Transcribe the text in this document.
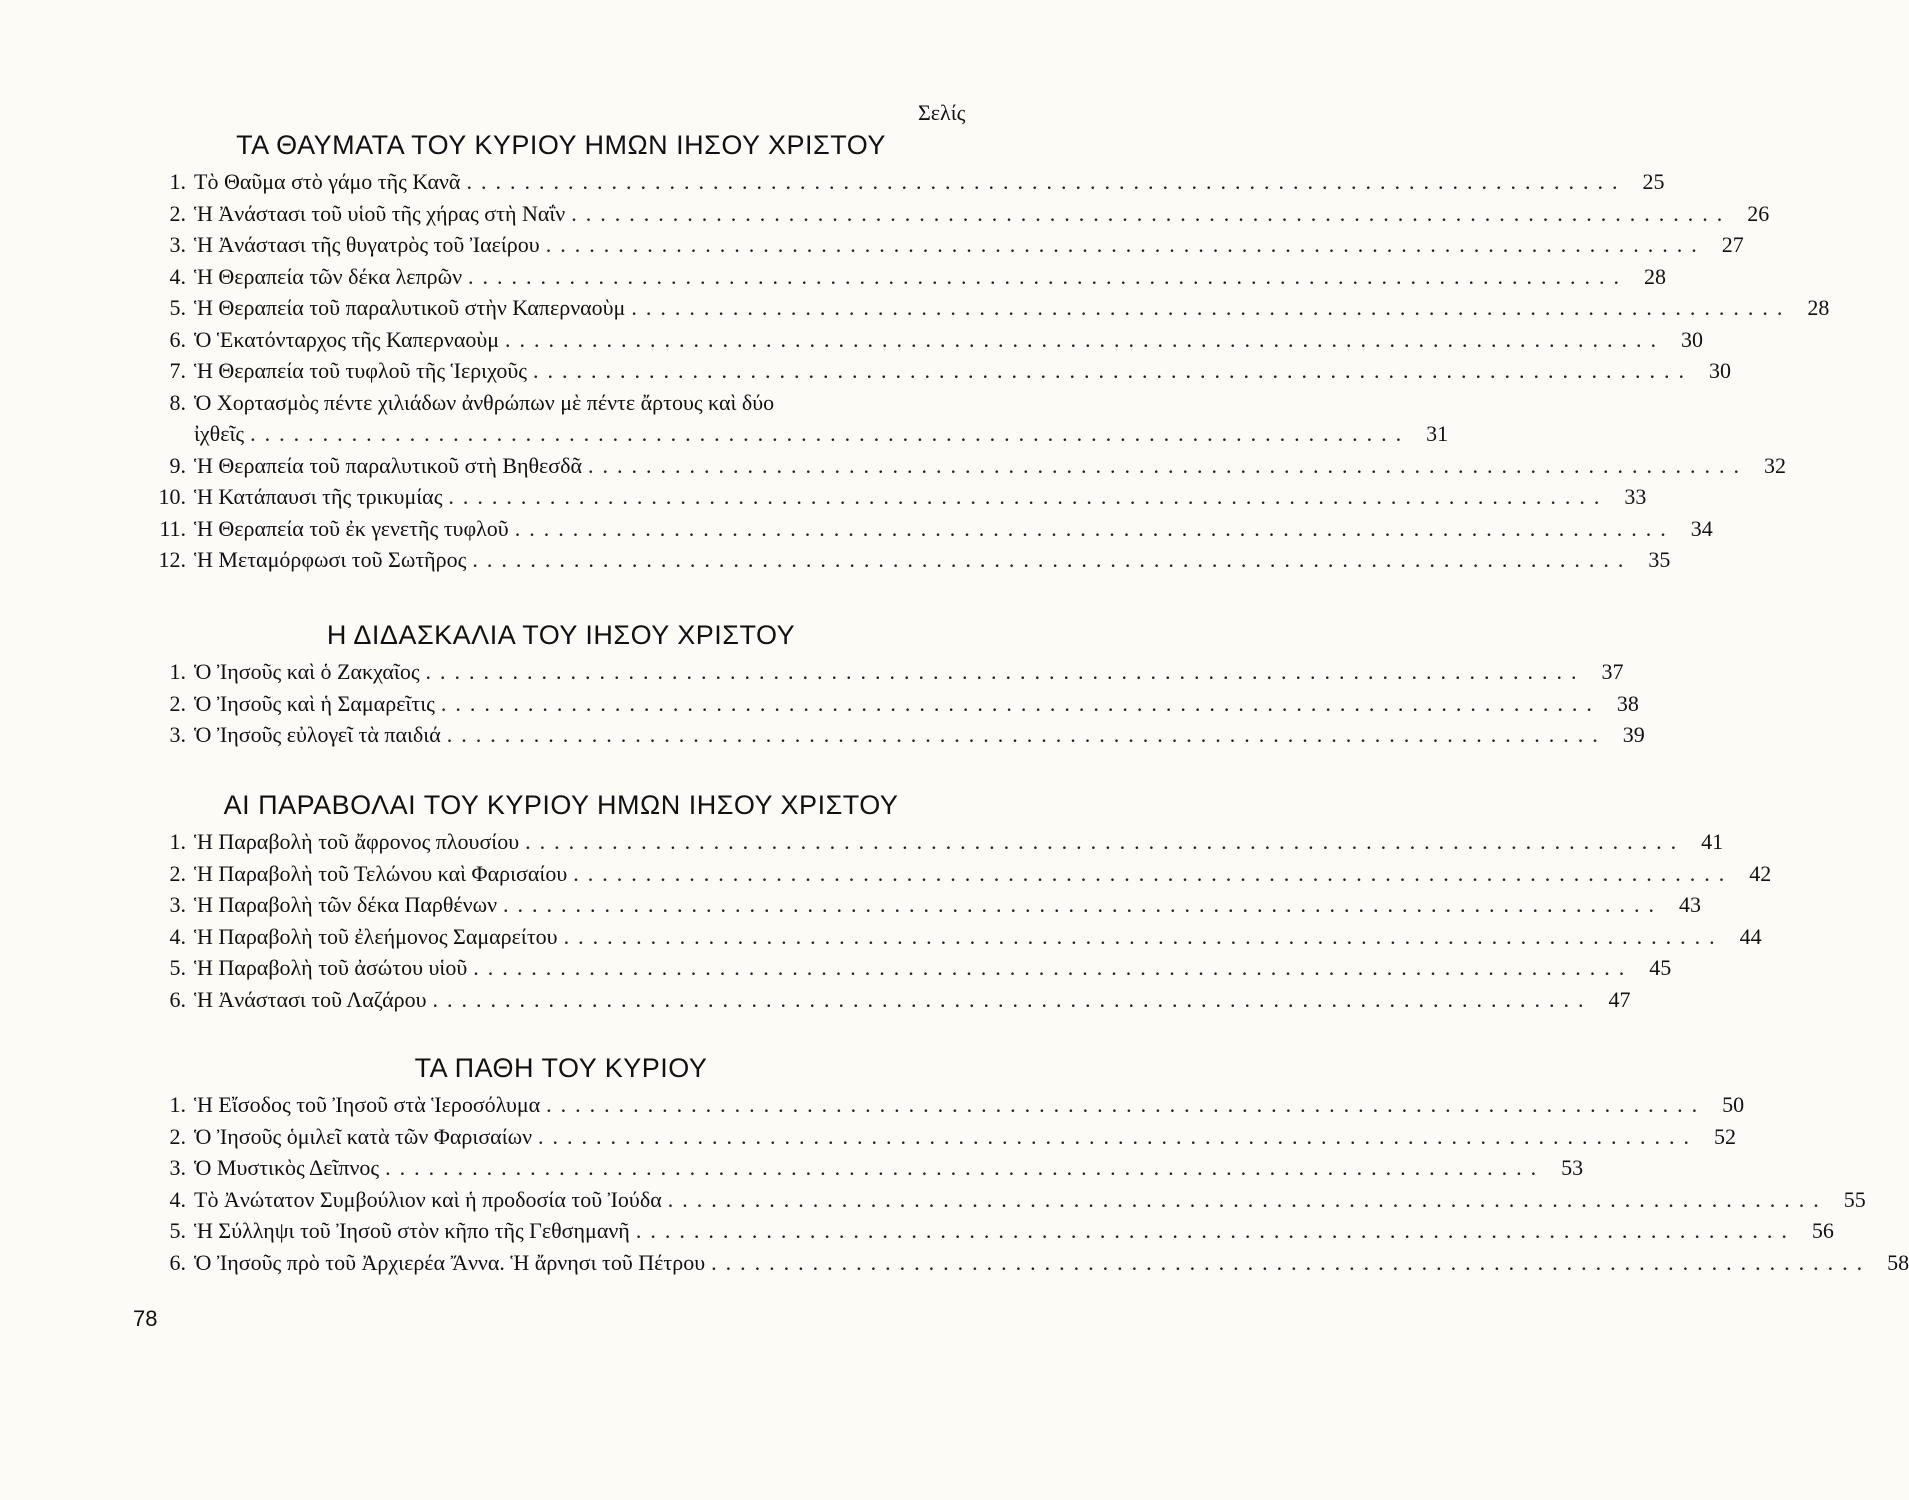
Σελίς
ΤΑ ΘΑΥΜΑΤΑ ΤΟΥ ΚΥΡΙΟΥ ΗΜΩΝ ΙΗΣΟΥ ΧΡΙΣΤΟΥ
1. Τὸ Θαῦμα στὸ γάμο τῆς Κανᾶ ................................................................................ 25
2. Ἡ Ἀνάστασι τοῦ υἱοῦ τῆς χήρας στὴ Ναΐν ................................................................................ 26
3. Ἡ Ἀνάστασι τῆς θυγατρὸς τοῦ Ἰαείρου ................................................................................ 27
4. Ἡ Θεραπεία τῶν δέκα λεπρῶν ................................................................................ 28
5. Ἡ Θεραπεία τοῦ παραλυτικοῦ στὴν Καπερναοὺμ ................................................................................ 28
6. Ὁ Ἑκατόνταρχος τῆς Καπερναοὺμ ................................................................................ 30
7. Ἡ Θεραπεία τοῦ τυφλοῦ τῆς Ἱεριχοῦς ................................................................................ 30
8. Ὁ Χορτασμὸς πέντε χιλιάδων ἀνθρώπων μὲ πέντε ἄρτους καὶ δύο
ἰχθεῖς ................................................................................ 31
9. Ἡ Θεραπεία τοῦ παραλυτικοῦ στὴ Βηθεσδᾶ ................................................................................ 32
10. Ἡ Κατάπαυσι τῆς τρικυμίας ................................................................................ 33
11. Ἡ Θεραπεία τοῦ ἐκ γενετῆς τυφλοῦ ................................................................................ 34
12. Ἡ Μεταμόρφωσι τοῦ Σωτῆρος ................................................................................ 35
Η ΔΙΔΑΣΚΑΛΙΑ ΤΟΥ ΙΗΣΟΥ ΧΡΙΣΤΟΥ
1. Ὁ Ἰησοῦς καὶ ὁ Ζακχαῖος ................................................................................ 37
2. Ὁ Ἰησοῦς καὶ ἡ Σαμαρεῖτις ................................................................................ 38
3. Ὁ Ἰησοῦς εὐλογεῖ τὰ παιδιά ................................................................................ 39
ΑΙ ΠΑΡΑΒΟΛΑΙ ΤΟΥ ΚΥΡΙΟΥ ΗΜΩΝ ΙΗΣΟΥ ΧΡΙΣΤΟΥ
1. Ἡ Παραβολὴ τοῦ ἄφρονος πλουσίου ................................................................................ 41
2. Ἡ Παραβολὴ τοῦ Τελώνου καὶ Φαρισαίου ................................................................................ 42
3. Ἡ Παραβολὴ τῶν δέκα Παρθένων ................................................................................ 43
4. Ἡ Παραβολὴ τοῦ ἐλεήμονος Σαμαρείτου ................................................................................ 44
5. Ἡ Παραβολὴ τοῦ ἀσώτου υἱοῦ ................................................................................ 45
6. Ἡ Ἀνάστασι τοῦ Λαζάρου ................................................................................ 47
ΤΑ ΠΑΘΗ ΤΟΥ ΚΥΡΙΟΥ
1. Ἡ Εἴσοδος τοῦ Ἰησοῦ στὰ Ἱεροσόλυμα ................................................................................ 50
2. Ὁ Ἰησοῦς ὁμιλεῖ κατὰ τῶν Φαρισαίων ................................................................................ 52
3. Ὁ Μυστικὸς Δεῖπνος ................................................................................ 53
4. Τὸ Ἀνώτατον Συμβούλιον καὶ ἡ προδοσία τοῦ Ἰούδα ................................................................................ 55
5. Ἡ Σύλληψι τοῦ Ἰησοῦ στὸν κῆπο τῆς Γεθσημανῆ ................................................................................ 56
6. Ὁ Ἰησοῦς πρὸ τοῦ Ἀρχιερέα Ἄννα. Ἡ ἄρνησι τοῦ Πέτρου ................................................................................ 58
78
